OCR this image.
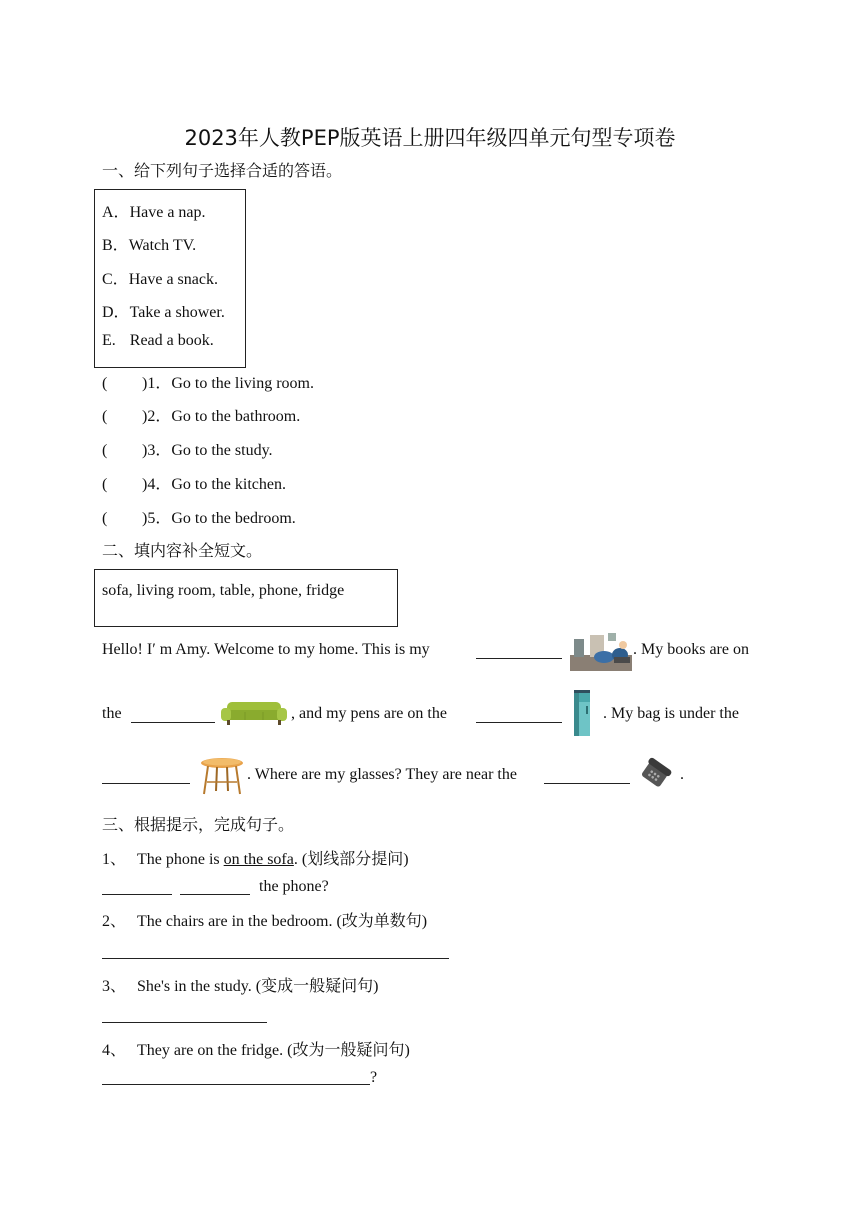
2023年人教PEP版英语上册四年级四单元句型专项卷
一、给下列句子选择合适的答语。
A．Have a nap.
B．Watch TV.
C．Have a snack.
D．Take a shower.
E. Read a book.
( )1．Go to the living room.
( )2．Go to the bathroom.
( )3．Go to the study.
( )4．Go to the kitchen.
( )5．Go to the bedroom.
二、填内容补全短文。
sofa, living room, table, phone, fridge
Hello! I′ m Amy. Welcome to my home. This is my	. My books are on
the	, and my pens are on the	. My bag is under the
. Where are my glasses? They are near the	.
三、根据提示，完成句子。
1、 The phone is on the sofa. (划线部分提问)
the phone?
2、 The chairs are in the bedroom. (改为单数句)
3、 She's in the study. (变成一般疑问句)
4、 They are on the fridge. (改为一般疑问句)
?
